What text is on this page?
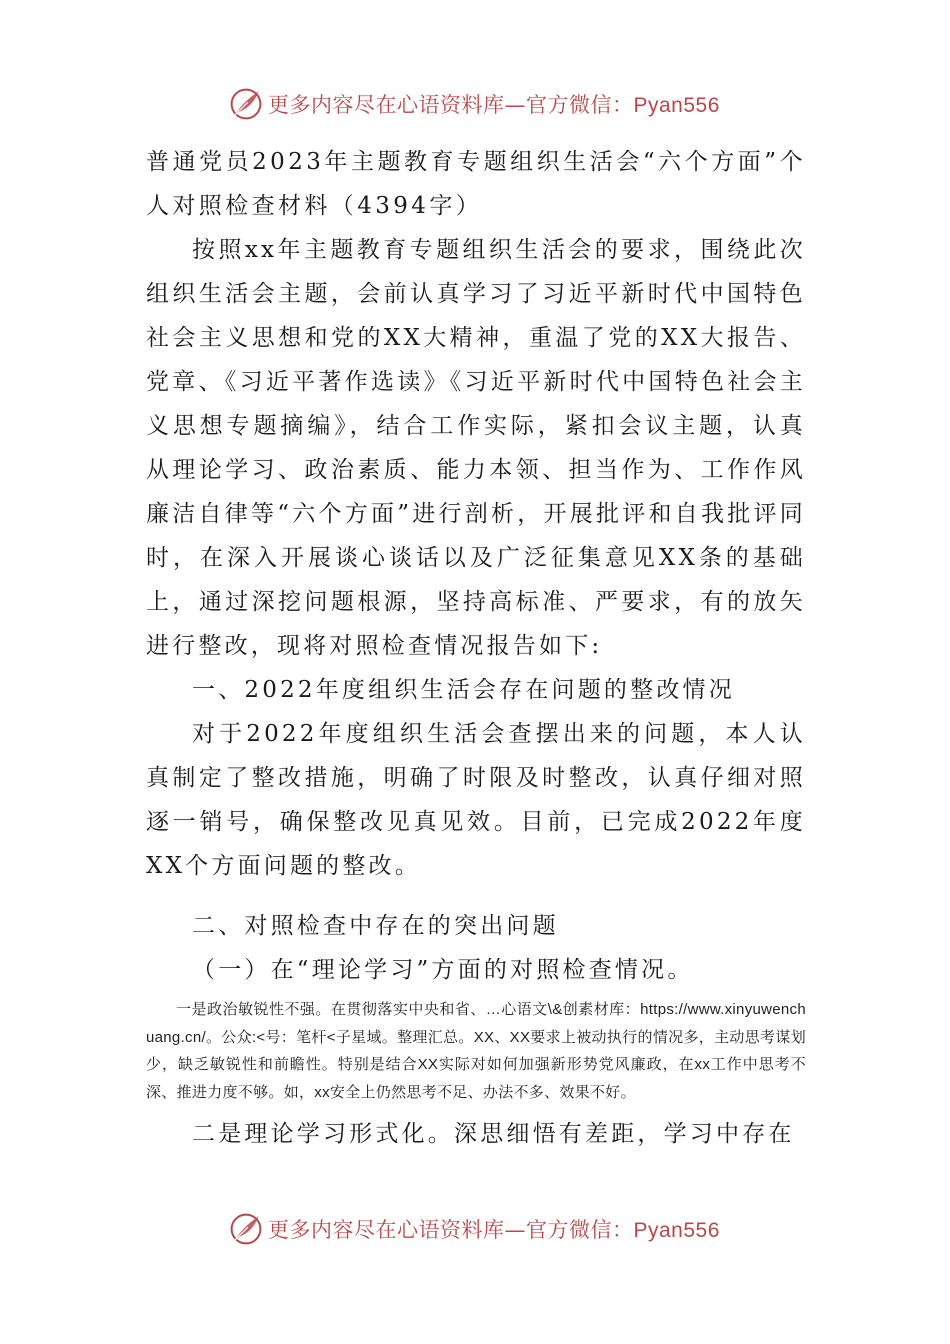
更多内容尽在心语资料库—官方微信：Pyan556

普通党员2023年主题教育专题组织生活会“六个方面”个人对照检查材料（4394字）

按照xx年主题教育专题组织生活会的要求，围绕此次组织生活会主题，会前认真学习了习近平新时代中国特色社会主义思想和党的XX大精神，重温了党的XX大报告、党章、《习近平著作选读》《习近平新时代中国特色社会主义思想专题摘编》，结合工作实际，紧扣会议主题，认真从理论学习、政治素质、能力本领、担当作为、工作作风廉洁自律等“六个方面”进行剖析，开展批评和自我批评同时，在深入开展谈心谈话以及广泛征集意见XX条的基础上，通过深挖问题根源，坚持高标准、严要求，有的放矢进行整改，现将对照检查情况报告如下:

一、2022年度组织生活会存在问题的整改情况

对于2022年度组织生活会查摆出来的问题，本人认真制定了整改措施，明确了时限及时整改，认真仔细对照逐一销号，确保整改见真见效。目前，已完成2022年度XX个方面问题的整改。

二、对照检查中存在的突出问题

（一）在“理论学习”方面的对照检查情况。

一是政治敏锐性不强。在贯彻落实中央和省、…心语文\&创素材库：https://www.xinyuwenchuang.cn/。公众:<号：笔杆<子星域。整理汇总。XX、XX要求上被动执行的情况多，主动思考谋划少，缺乏敏锐性和前瞻性。特别是结合XX实际对如何加强新形势党风廉政，在xx工作中思考不深、推进力度不够。如，xx安全上仍然思考不足、办法不多、效果不好。

二是理论学习形式化。深思细悟有差距，学习中存在

更多内容尽在心语资料库—官方微信：Pyan556
